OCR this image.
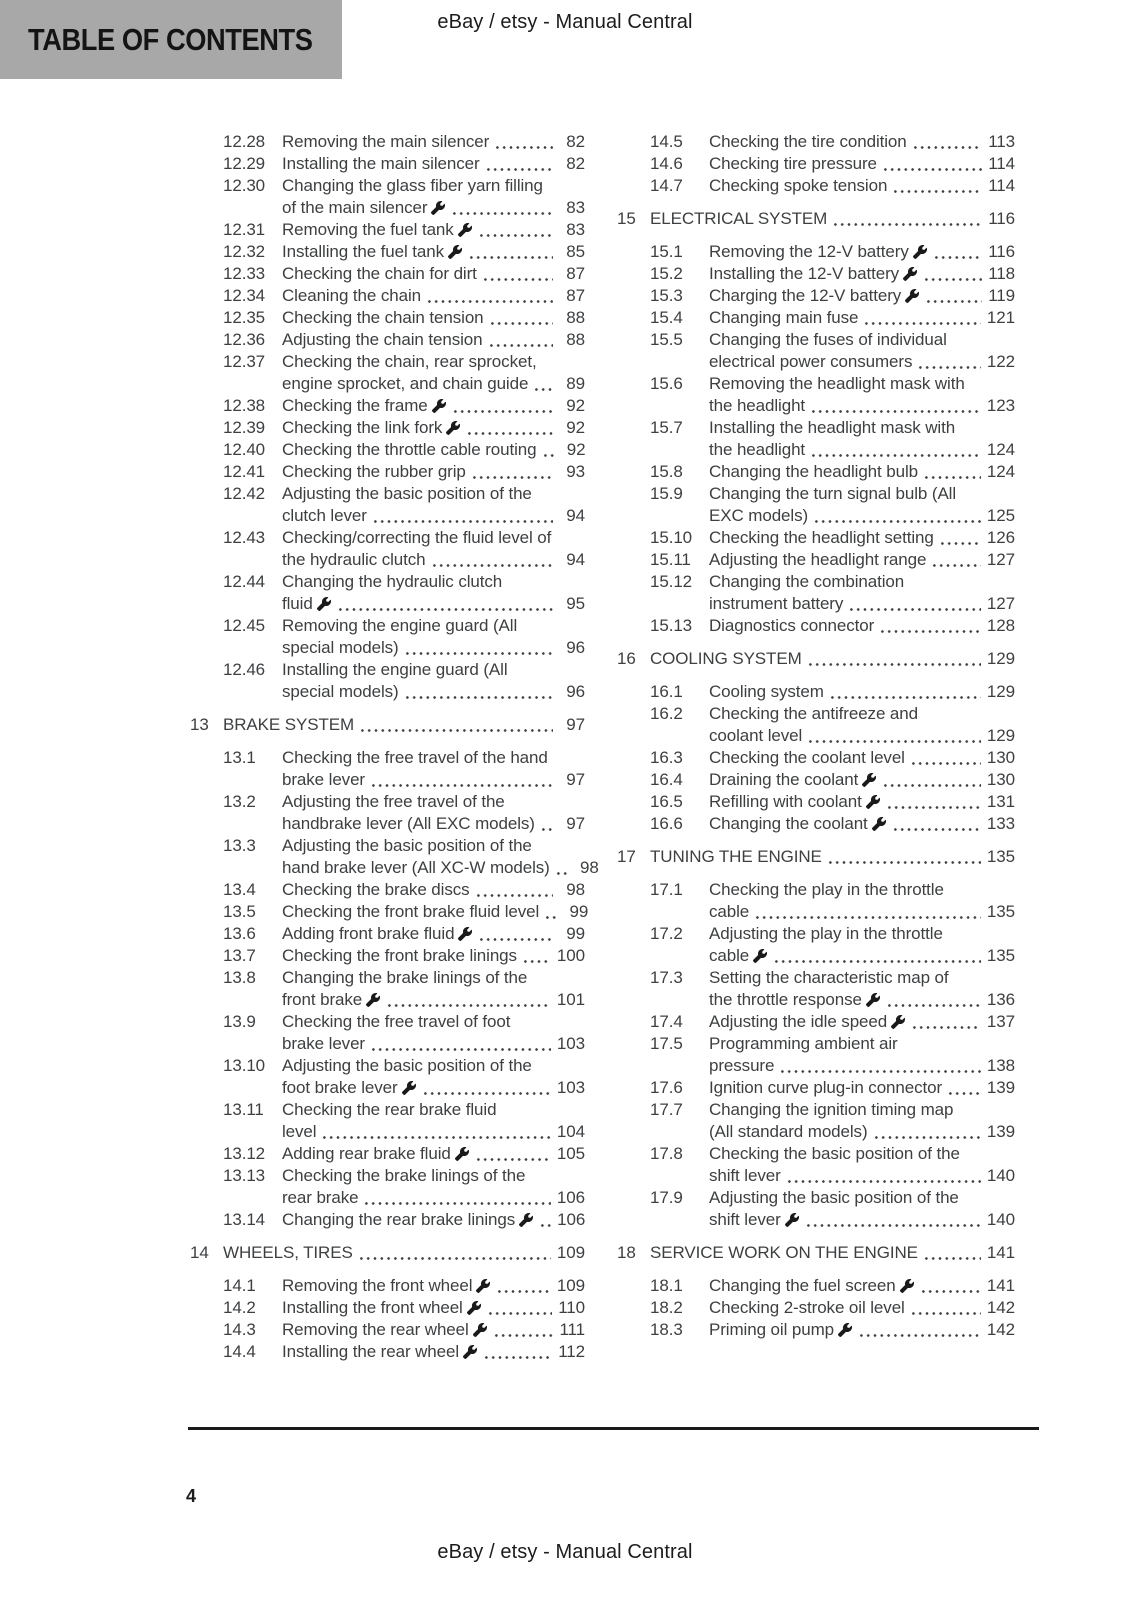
TABLE OF CONTENTS	eBay / etsy - Manual Central
12.28 Removing the main silencer	82
12.29 Installing the main silencer	82
12.30 Changing the glass fiber yarn filling
of the main silencer	83
12.31 Removing the fuel tank	83
12.32 Installing the fuel tank	85
12.33 Checking the chain for dirt	87
12.34 Cleaning the chain	87
12.35 Checking the chain tension	88
12.36 Adjusting the chain tension	88
12.37 Checking the chain, rear sprocket,
engine sprocket, and chain guide	89
12.38 Checking the frame	92
12.39 Checking the link fork	92
12.40 Checking the throttle cable routing	92
12.41 Checking the rubber grip	93
12.42 Adjusting the basic position of the
clutch lever	94
12.43 Checking/correcting the fluid level of
the hydraulic clutch	94
12.44 Changing the hydraulic clutch
fluid	95
12.45 Removing the engine guard (All
special models)	96
12.46 Installing the engine guard (All
special models)	96
13 BRAKE SYSTEM	97
13.1	Checking the free travel of the hand
brake lever	97
13.2	Adjusting the free travel of the
handbrake lever (All EXC models)	97
13.3	Adjusting the basic position of the
hand brake lever (All XC-W models)	98
13.4	Checking the brake discs	98
13.5	Checking the front brake fluid level	99
13.6	Adding front brake fluid	99
13.7	Checking the front brake linings 100
13.8	Changing the brake linings of the
front brake	101
13.9	Checking the free travel of foot
brake lever	103
13.10 Adjusting the basic position of the
foot brake lever	103
13.11	Checking the rear brake fluid
level	104
13.12 Adding rear brake fluid	105
13.13 Checking the brake linings of the
rear brake	106
13.14 Changing the rear brake linings 106
14 WHEELS, TIRES	109
14.1	Removing the front wheel	109
14.2	Installing the front wheel	110
14.3	Removing the rear wheel	111
14.4	Installing the rear wheel	112
14.5	Checking the tire condition	113
14.6	Checking tire pressure	114
14.7	Checking spoke tension	114
15 ELECTRICAL SYSTEM	116
15.1	Removing the 12-V battery	116
15.2	Installing the 12-V battery	118
15.3	Charging the 12-V battery	119
15.4	Changing main fuse	121
15.5	Changing the fuses of individual
electrical power consumers	122
15.6	Removing the headlight mask with
the headlight	123
15.7	Installing the headlight mask with
the headlight	124
15.8	Changing the headlight bulb	124
15.9	Changing the turn signal bulb (All
EXC models)	125
15.10 Checking the headlight setting	126
15.11	Adjusting the headlight range	127
15.12 Changing the combination
instrument battery	127
15.13 Diagnostics connector	128
16 COOLING SYSTEM	129
16.1	Cooling system	129
16.2	Checking the antifreeze and
coolant level	129
16.3	Checking the coolant level	130
16.4	Draining the coolant	130
16.5	Refilling with coolant	131
16.6	Changing the coolant	133
17 TUNING THE ENGINE	135
17.1	Checking the play in the throttle
cable	135
17.2	Adjusting the play in the throttle
cable	135
17.3	Setting the characteristic map of
the throttle response	136
17.4	Adjusting the idle speed	137
17.5	Programming ambient air
pressure	138
17.6	Ignition curve plug-in connector	139
17.7	Changing the ignition timing map
(All standard models)	139
17.8	Checking the basic position of the
shift lever	140
17.9	Adjusting the basic position of the
shift lever	140
18 SERVICE WORK ON THE ENGINE	141
18.1	Changing the fuel screen	141
18.2	Checking 2-stroke oil level	142
18.3	Priming oil pump	142
4
eBay / etsy - Manual Central
